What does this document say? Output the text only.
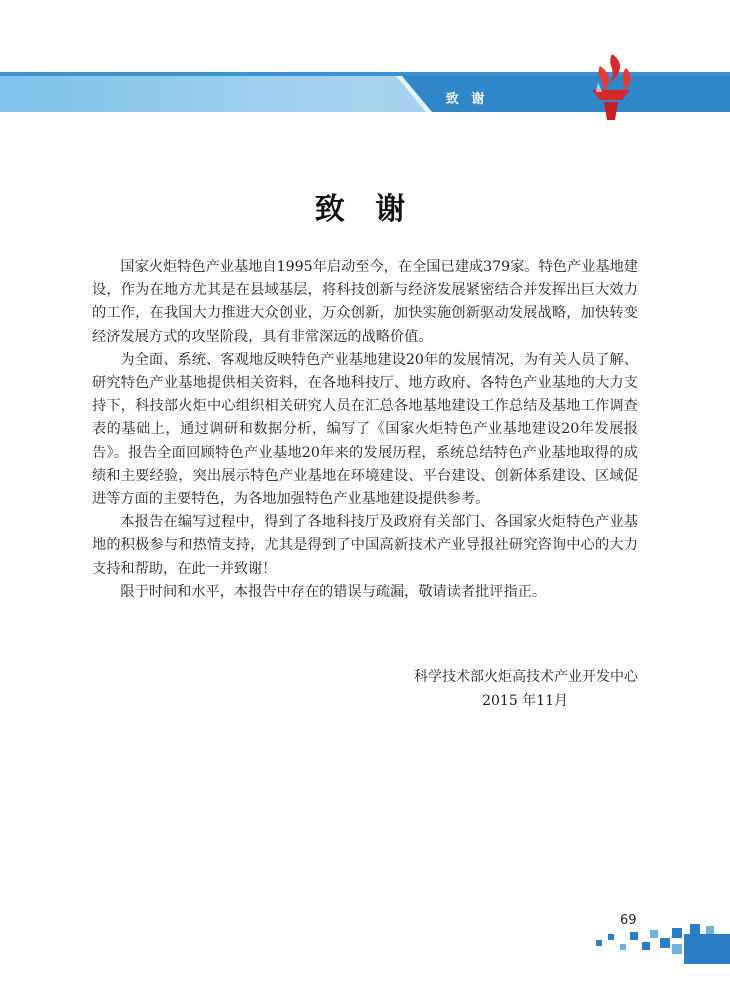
致 谢
致 谢

国家火炬特色产业基地自1995年启动至今，在全国已建成379家。特色产业基地建设，作为在地方尤其是在县域基层，将科技创新与经济发展紧密结合并发挥出巨大效力的工作，在我国大力推进大众创业，万众创新，加快实施创新驱动发展战略，加快转变经济发展方式的攻坚阶段，具有非常深远的战略价值。

为全面、系统、客观地反映特色产业基地建设20年的发展情况，为有关人员了解、研究特色产业基地提供相关资料，在各地科技厅、地方政府、各特色产业基地的大力支持下，科技部火炬中心组织相关研究人员在汇总各地基地建设工作总结及基地工作调查表的基础上，通过调研和数据分析，编写了《国家火炬特色产业基地建设20年发展报告》。报告全面回顾特色产业基地20年来的发展历程，系统总结特色产业基地取得的成绩和主要经验，突出展示特色产业基地在环境建设、平台建设、创新体系建设、区域促进等方面的主要特色，为各地加强特色产业基地建设提供参考。

本报告在编写过程中，得到了各地科技厅及政府有关部门、各国家火炬特色产业基地的积极参与和热情支持，尤其是得到了中国高新技术产业导报社研究咨询中心的大力支持和帮助，在此一并致谢！

限于时间和水平，本报告中存在的错误与疏漏，敬请读者批评指正。

科学技术部火炬高技术产业开发中心
2015 年11月
69
